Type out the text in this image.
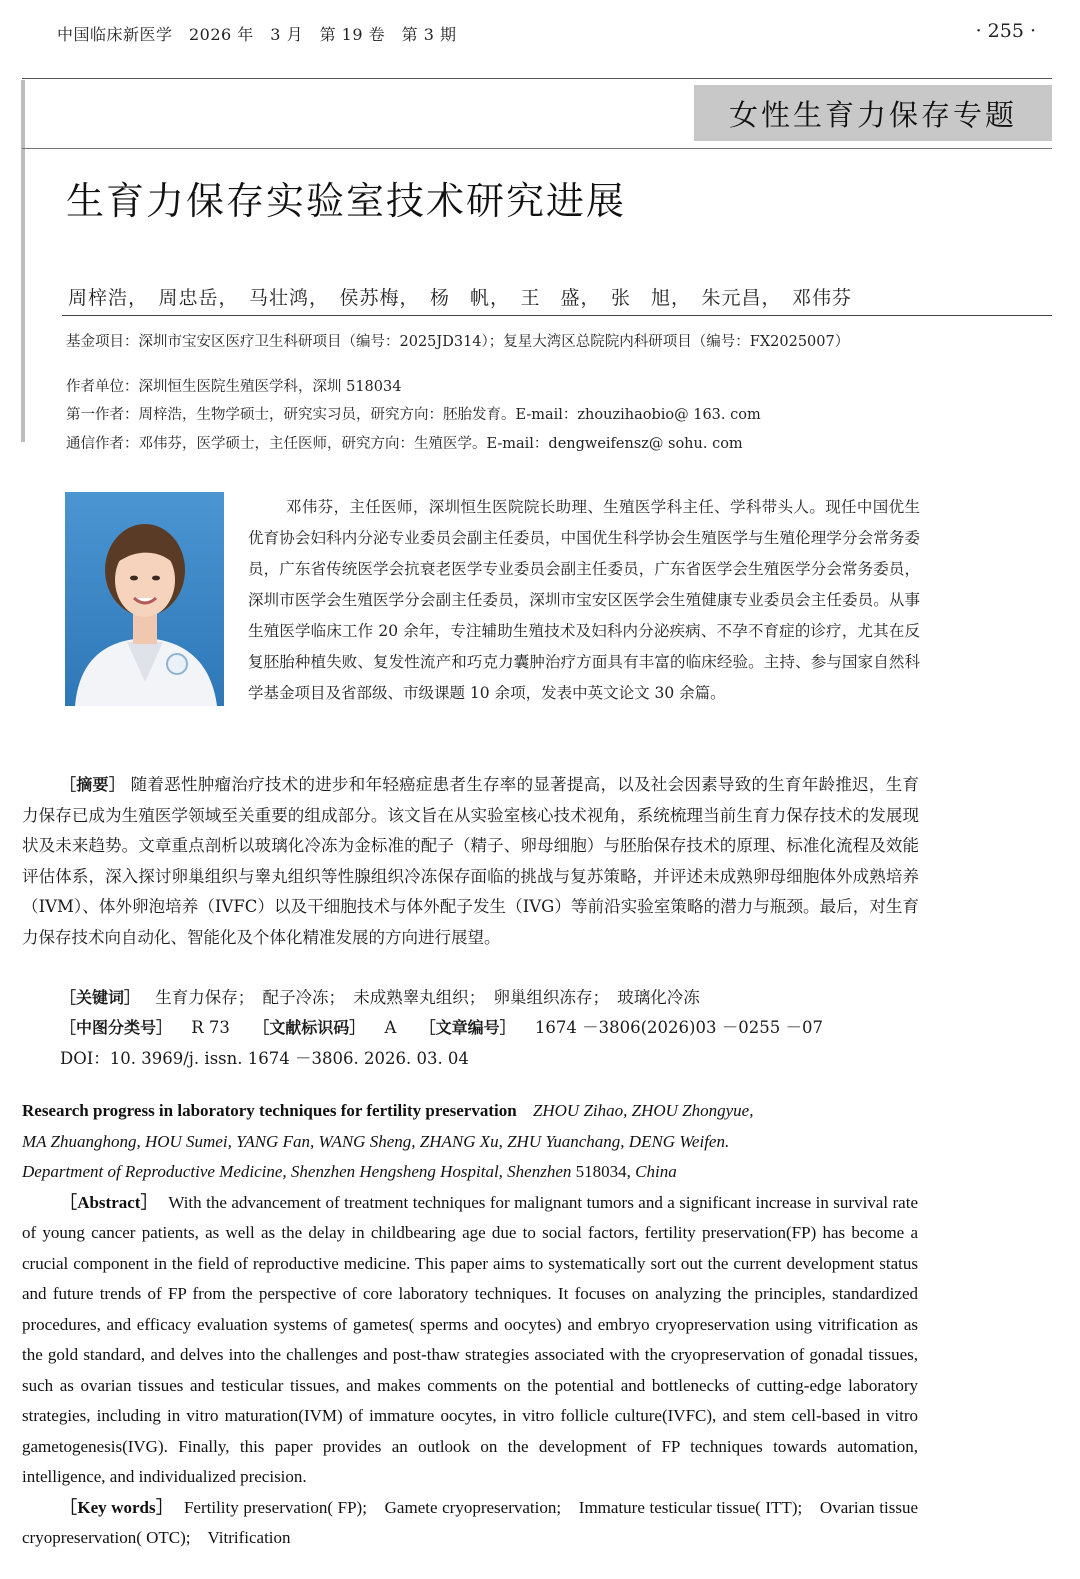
中国临床新医学　2026 年　3 月　第 19 卷　第 3 期	· 255 ·
女性生育力保存专题
生育力保存实验室技术研究进展
周梓浩，　周忠岳，　马壮鸿，　侯苏梅，　杨　帆，　王　盛，　张　旭，　朱元昌，　邓伟芬
基金项目：深圳市宝安区医疗卫生科研项目（编号：2025JD314）；复星大湾区总院院内科研项目（编号：FX2025007）
作者单位：深圳恒生医院生殖医学科，深圳 518034
第一作者：周梓浩，生物学硕士，研究实习员，研究方向：胚胎发育。E-mail：zhouzihaobio@ 163. com
通信作者：邓伟芬，医学硕士，主任医师，研究方向：生殖医学。E-mail：dengweifensz@ sohu. com
邓伟芬，主任医师，深圳恒生医院院长助理、生殖医学科主任、学科带头人。现任中国优生优育协会妇科内分泌专业委员会副主任委员，中国优生科学协会生殖医学与生殖伦理学分会常务委员，广东省传统医学会抗衰老医学专业委员会副主任委员，广东省医学会生殖医学分会常务委员，深圳市医学会生殖医学分会副主任委员，深圳市宝安区医学会生殖健康专业委员会主任委员。从事生殖医学临床工作 20 余年，专注辅助生殖技术及妇科内分泌疾病、不孕不育症的诊疗，尤其在反复胚胎种植失败、复发性流产和巧克力囊肿治疗方面具有丰富的临床经验。主持、参与国家自然科学基金项目及省部级、市级课题 10 余项，发表中英文论文 30 余篇。
［摘要］ 随着恶性肿瘤治疗技术的进步和年轻癌症患者生存率的显著提高，以及社会因素导致的生育年龄推迟，生育力保存已成为生殖医学领域至关重要的组成部分。该文旨在从实验室核心技术视角，系统梳理当前生育力保存技术的发展现状及未来趋势。文章重点剖析以玻璃化冷冻为金标准的配子（精子、卵母细胞）与胚胎保存技术的原理、标准化流程及效能评估体系，深入探讨卵巢组织与睾丸组织等性腺组织冷冻保存面临的挑战与复苏策略，并评述未成熟卵母细胞体外成熟培养（IVM）、体外卵泡培养（IVFC）以及干细胞技术与体外配子发生（IVG）等前沿实验室策略的潜力与瓶颈。最后，对生育力保存技术向自动化、智能化及个体化精准发展的方向进行展望。
［关键词］ 生育力保存；　配子冷冻；　未成熟睾丸组织；　卵巢组织冻存；　玻璃化冷冻
［中图分类号］ R 73 ［文献标识码］ A ［文章编号］ 1674 －3806(2026)03 －0255 －07
DOI：10. 3969/j. issn. 1674 －3806. 2026. 03. 04
Research progress in laboratory techniques for fertility preservation ZHOU Zihao, ZHOU Zhongyue,
MA Zhuanghong, HOU Sumei, YANG Fan, WANG Sheng, ZHANG Xu, ZHU Yuanchang, DENG Weifen.
Department of Reproductive Medicine, Shenzhen Hengsheng Hospital, Shenzhen 518034, China
［Abstract］ With the advancement of treatment techniques for malignant tumors and a significant increase in survival rate of young cancer patients, as well as the delay in childbearing age due to social factors, fertility preservation(FP) has become a crucial component in the field of reproductive medicine. This paper aims to systematically sort out the current development status and future trends of FP from the perspective of core laboratory techniques. It focuses on analyzing the principles, standardized procedures, and efficacy evaluation systems of gametes( sperms and oocytes) and embryo cryopreservation using vitrification as the gold standard, and delves into the challenges and post-thaw strategies associated with the cryopreservation of gonadal tissues, such as ovarian tissues and testicular tissues, and makes comments on the potential and bottlenecks of cutting-edge laboratory strategies, including in vitro maturation(IVM) of immature oocytes, in vitro follicle culture(IVFC), and stem cell-based in vitro gametogenesis(IVG). Finally, this paper provides an outlook on the development of FP techniques towards automation, intelligence, and individualized precision.
［Key words］ Fertility preservation( FP);　Gamete cryopreservation;　Immature testicular tissue( ITT);　Ovarian tissue cryopreservation( OTC);　Vitrification
